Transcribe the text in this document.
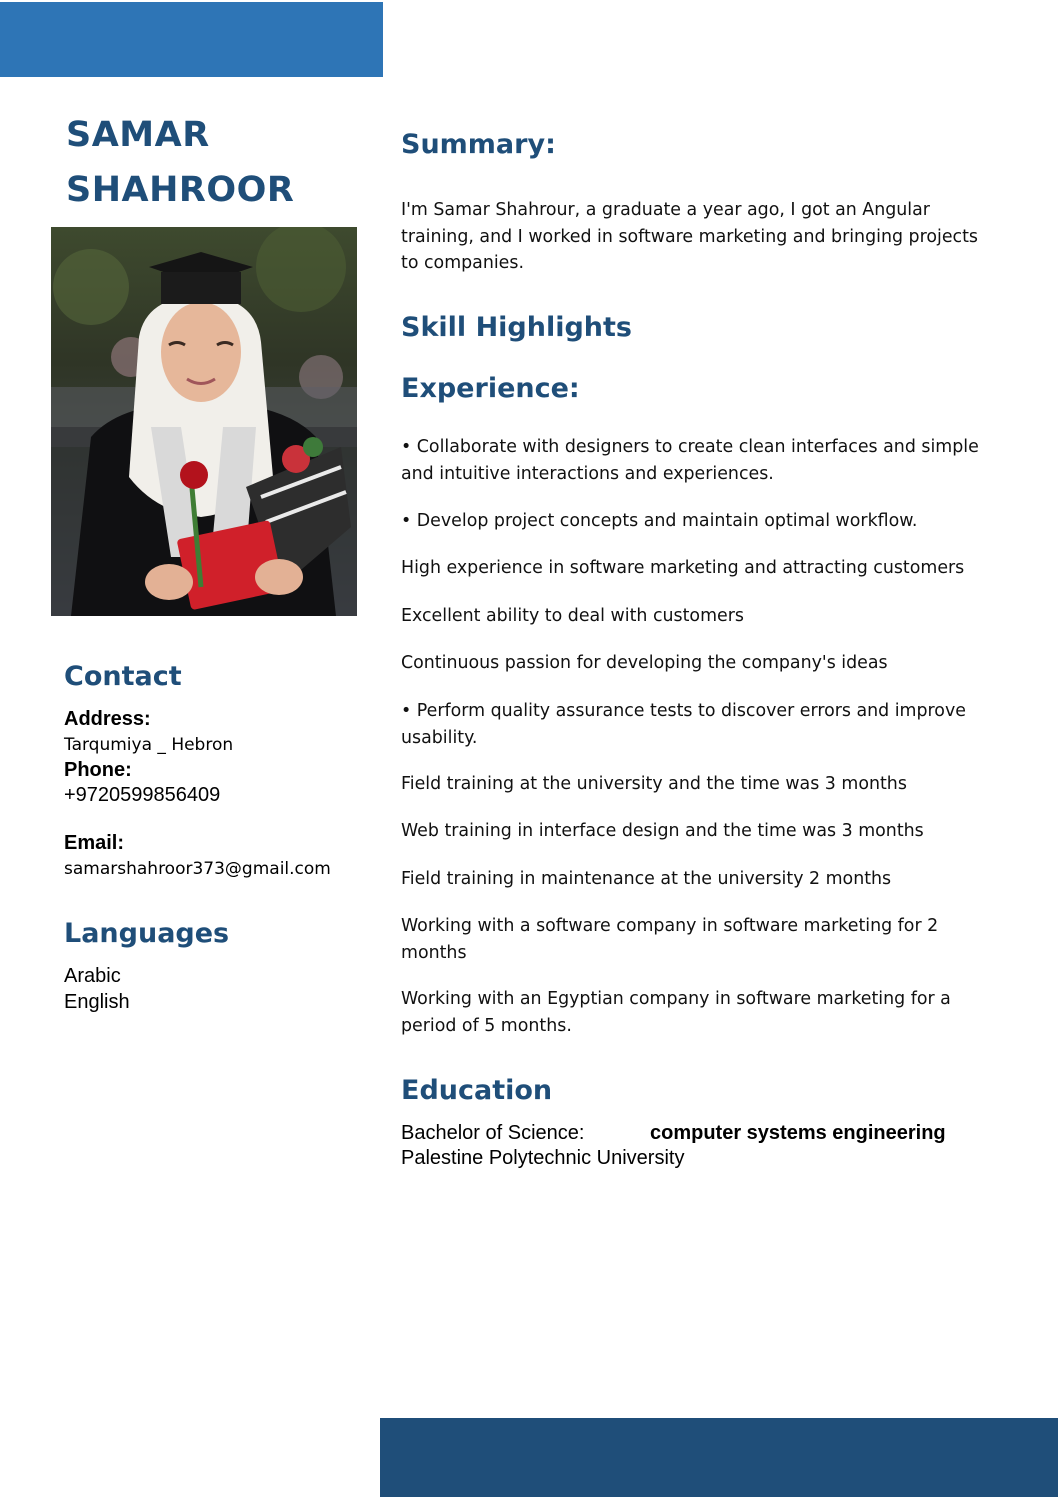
SAMAR
SHAHROOR
Contact
Address:
Tarqumiya _ Hebron
Phone:
+9720599856409
Email:
samarshahroor373@gmail.com
Languages
Arabic
English
Summary:
I'm Samar Shahrour, a graduate a year ago, I got an Angular training, and I worked in software marketing and bringing projects to companies.
Skill Highlights
Experience:
• Collaborate with designers to create clean interfaces and simple and intuitive interactions and experiences.
• Develop project concepts and maintain optimal workflow.
High experience in software marketing and attracting customers
Excellent ability to deal with customers
Continuous passion for developing the company's ideas
• Perform quality assurance tests to discover errors and improve usability.
Field training at the university and the time was 3 months
Web training in interface design and the time was 3 months
Field training in maintenance at the university 2 months
Working with a software company in software marketing for 2 months
Working with an Egyptian company in software marketing for a period of 5 months.
Education
Bachelor of Science:	computer systems engineering
Palestine Polytechnic University
